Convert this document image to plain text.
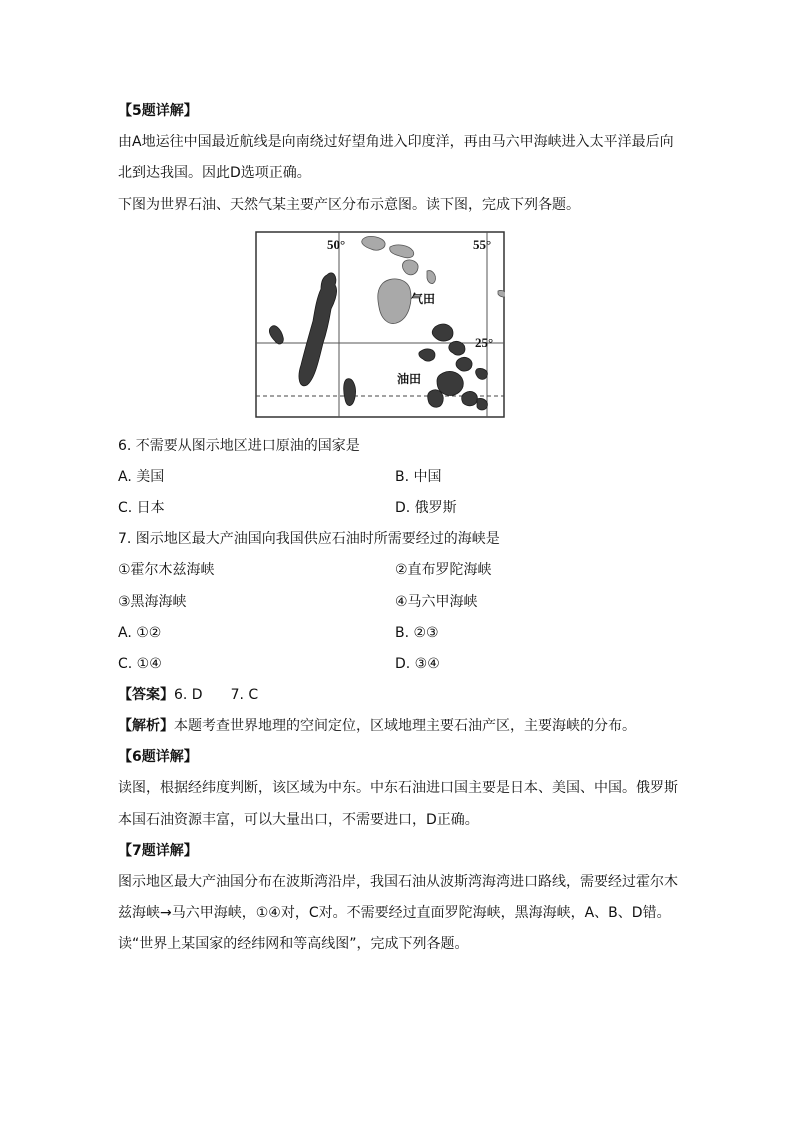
【5题详解】
由A地运往中国最近航线是向南绕过好望角进入印度洋，再由马六甲海峡进入太平洋最后向
北到达我国。因此D选项正确。
下图为世界石油、天然气某主要产区分布示意图。读下图，完成下列各题。
50°	55°
25°
气田
油田
6. 不需要从图示地区进口原油的国家是
A. 美国	B. 中国
C. 日本	D. 俄罗斯
7. 图示地区最大产油国向我国供应石油时所需要经过的海峡是
①霍尔木兹海峡	②直布罗陀海峡
③黑海海峡	④马六甲海峡
A. ①②	B. ②③
C. ①④	D. ③④
【答案】6. D　　7. C
【解析】本题考查世界地理的空间定位，区域地理主要石油产区，主要海峡的分布。
【6题详解】
读图，根据经纬度判断，该区域为中东。中东石油进口国主要是日本、美国、中国。俄罗斯
本国石油资源丰富，可以大量出口，不需要进口，D正确。
【7题详解】
图示地区最大产油国分布在波斯湾沿岸，我国石油从波斯湾海湾进口路线，需要经过霍尔木
兹海峡→马六甲海峡，①④对，C对。不需要经过直面罗陀海峡，黑海海峡，A、B、D错。
读“世界上某国家的经纬网和等高线图”，完成下列各题。
